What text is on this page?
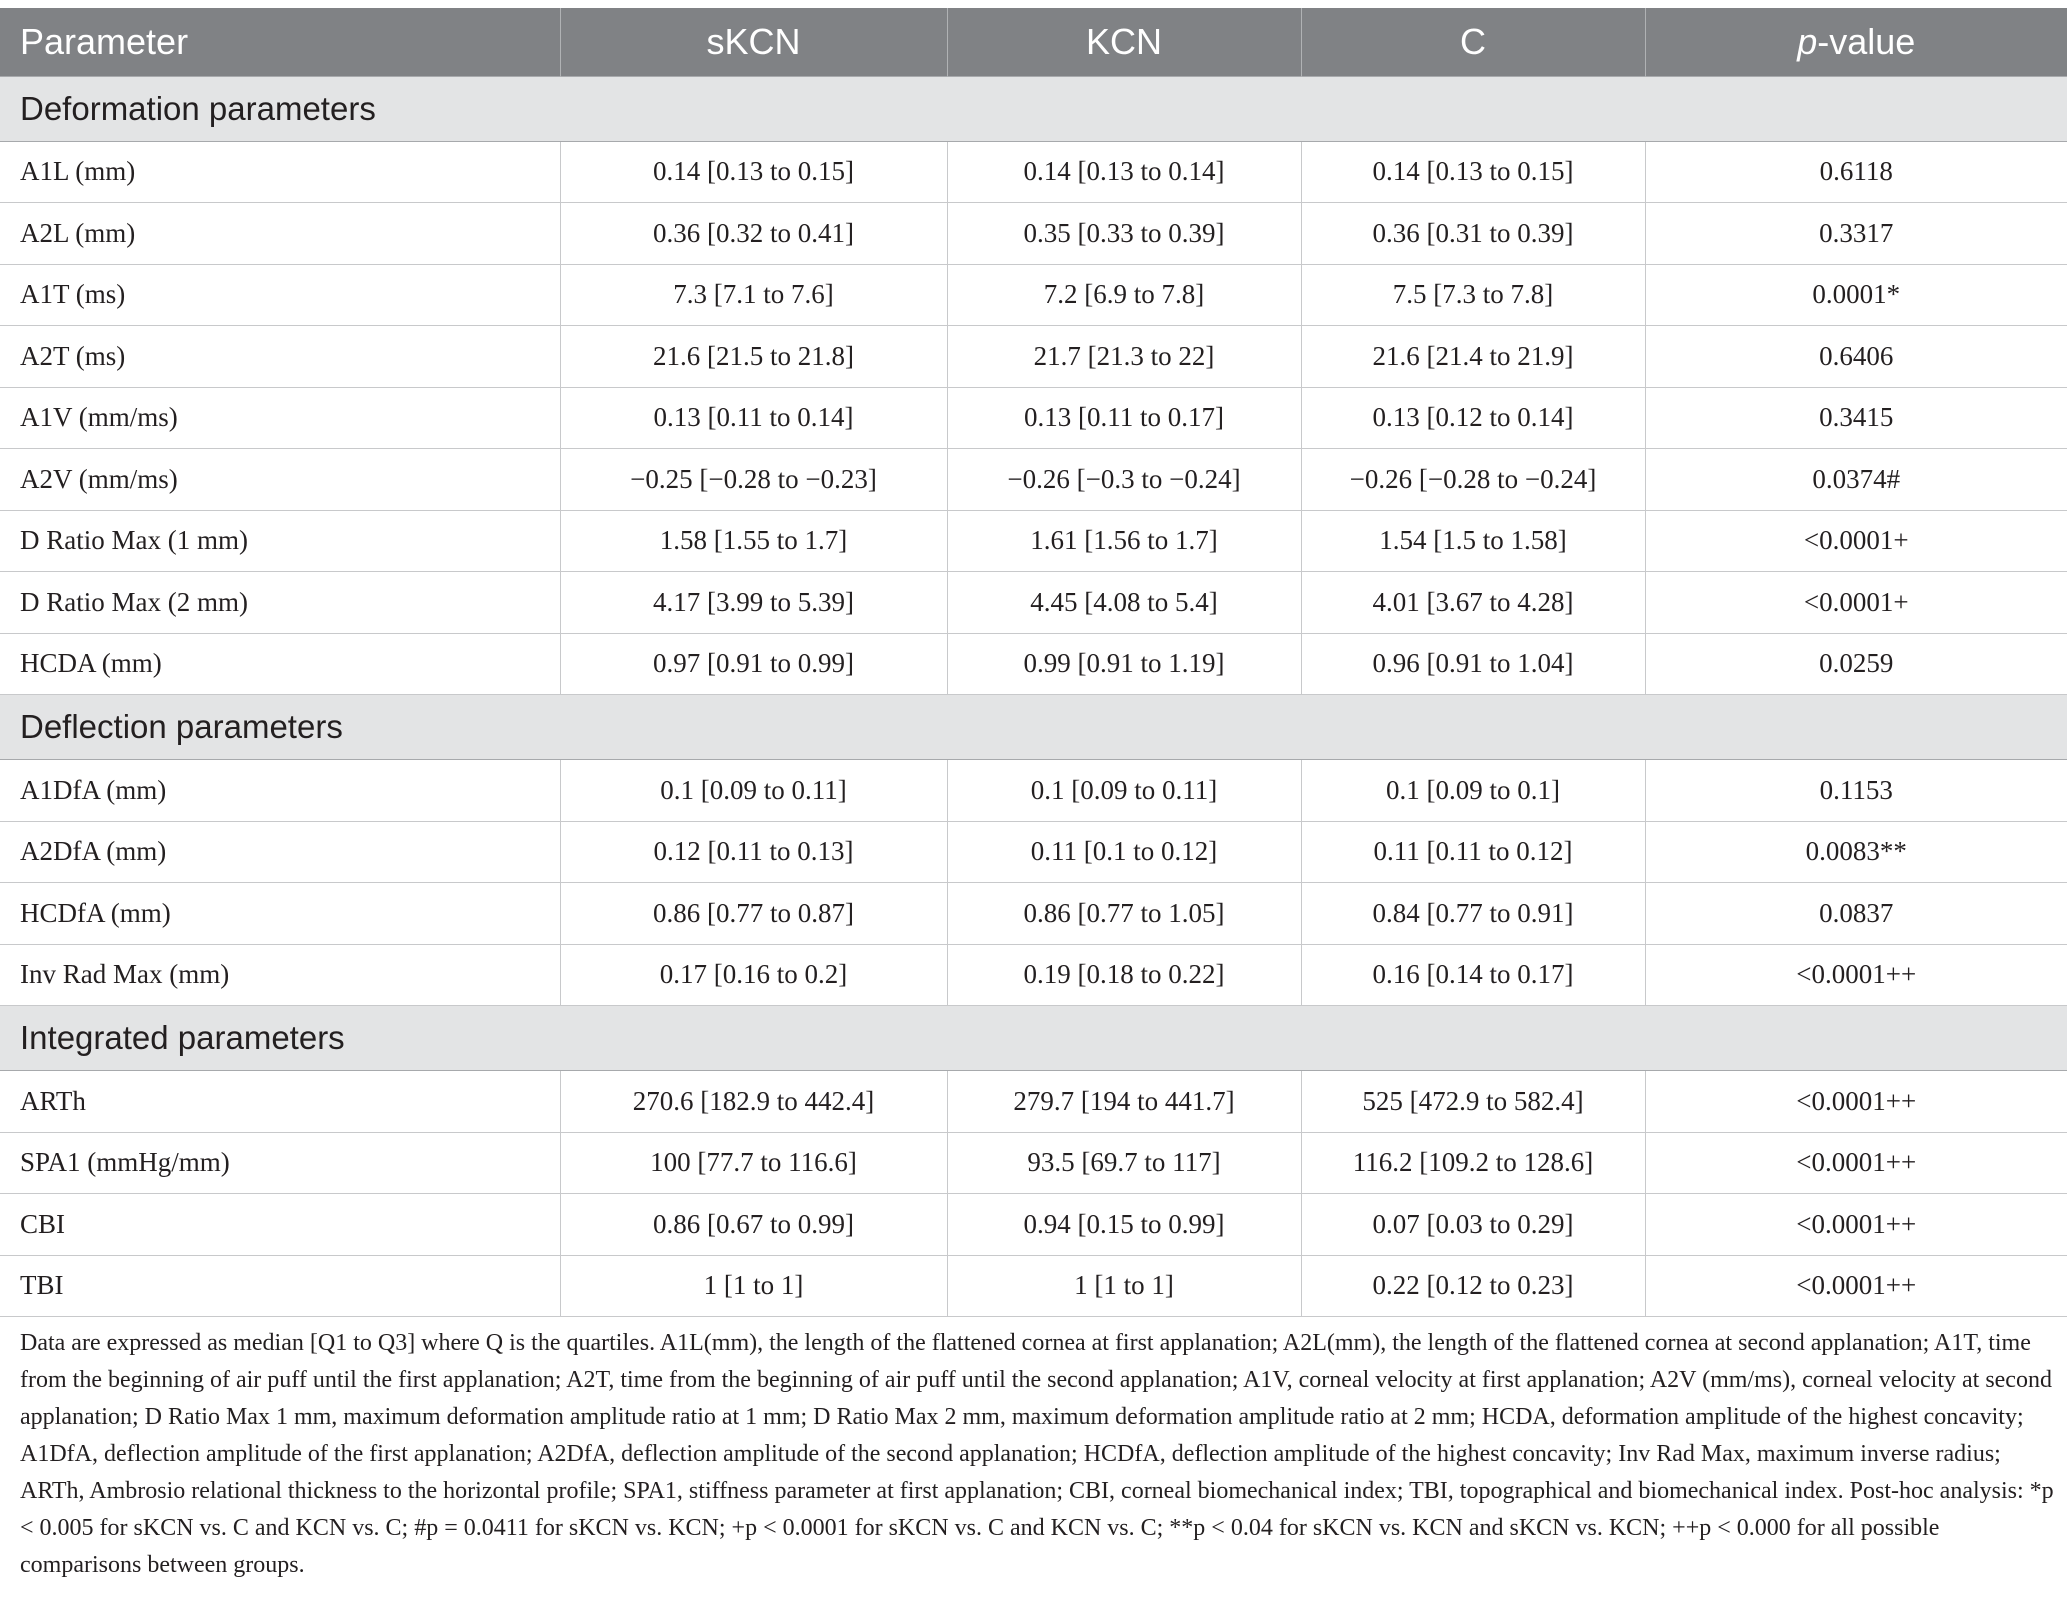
Parameter	sKCN	KCN	C	p-value
Deformation parameters				
A1L (mm)	0.14 [0.13 to 0.15]	0.14 [0.13 to 0.14]	0.14 [0.13 to 0.15]	0.6118
A2L (mm)	0.36 [0.32 to 0.41]	0.35 [0.33 to 0.39]	0.36 [0.31 to 0.39]	0.3317
A1T (ms)	7.3 [7.1 to 7.6]	7.2 [6.9 to 7.8]	7.5 [7.3 to 7.8]	0.0001*
A2T (ms)	21.6 [21.5 to 21.8]	21.7 [21.3 to 22]	21.6 [21.4 to 21.9]	0.6406
A1V (mm/ms)	0.13 [0.11 to 0.14]	0.13 [0.11 to 0.17]	0.13 [0.12 to 0.14]	0.3415
A2V (mm/ms)	−0.25 [−0.28 to −0.23]	−0.26 [−0.3 to −0.24]	−0.26 [−0.28 to −0.24]	0.0374#
D Ratio Max (1 mm)	1.58 [1.55 to 1.7]	1.61 [1.56 to 1.7]	1.54 [1.5 to 1.58]	<0.0001+
D Ratio Max (2 mm)	4.17 [3.99 to 5.39]	4.45 [4.08 to 5.4]	4.01 [3.67 to 4.28]	<0.0001+
HCDA (mm)	0.97 [0.91 to 0.99]	0.99 [0.91 to 1.19]	0.96 [0.91 to 1.04]	0.0259
Deflection parameters				
A1DfA (mm)	0.1 [0.09 to 0.11]	0.1 [0.09 to 0.11]	0.1 [0.09 to 0.1]	0.1153
A2DfA (mm)	0.12 [0.11 to 0.13]	0.11 [0.1 to 0.12]	0.11 [0.11 to 0.12]	0.0083**
HCDfA (mm)	0.86 [0.77 to 0.87]	0.86 [0.77 to 1.05]	0.84 [0.77 to 0.91]	0.0837
Inv Rad Max (mm)	0.17 [0.16 to 0.2]	0.19 [0.18 to 0.22]	0.16 [0.14 to 0.17]	<0.0001++
Integrated parameters				
ARTh	270.6 [182.9 to 442.4]	279.7 [194 to 441.7]	525 [472.9 to 582.4]	<0.0001++
SPA1 (mmHg/mm)	100 [77.7 to 116.6]	93.5 [69.7 to 117]	116.2 [109.2 to 128.6]	<0.0001++
CBI	0.86 [0.67 to 0.99]	0.94 [0.15 to 0.99]	0.07 [0.03 to 0.29]	<0.0001++
TBI	1 [1 to 1]	1 [1 to 1]	0.22 [0.12 to 0.23]	<0.0001++
Data are expressed as median [Q1 to Q3] where Q is the quartiles. A1L(mm), the length of the flattened cornea at first applanation; A2L(mm), the length of the flattened cornea at second applanation; A1T, time from the beginning of air puff until the first applanation; A2T, time from the beginning of air puff until the second applanation; A1V, corneal velocity at first applanation; A2V (mm/ms), corneal velocity at second applanation; D Ratio Max 1 mm, maximum deformation amplitude ratio at 1 mm; D Ratio Max 2 mm, maximum deformation amplitude ratio at 2 mm; HCDA, deformation amplitude of the highest concavity; A1DfA, deflection amplitude of the first applanation; A2DfA, deflection amplitude of the second applanation; HCDfA, deflection amplitude of the highest concavity; Inv Rad Max, maximum inverse radius; ARTh, Ambrosio relational thickness to the horizontal profile; SPA1, stiffness parameter at first applanation; CBI, corneal biomechanical index; TBI, topographical and biomechanical index. Post-hoc analysis: *p < 0.005 for sKCN vs. C and KCN vs. C; #p = 0.0411 for sKCN vs. KCN; +p < 0.0001 for sKCN vs. C and KCN vs. C; **p < 0.04 for sKCN vs. KCN and sKCN vs. KCN; ++p < 0.000 for all possible comparisons between groups.
